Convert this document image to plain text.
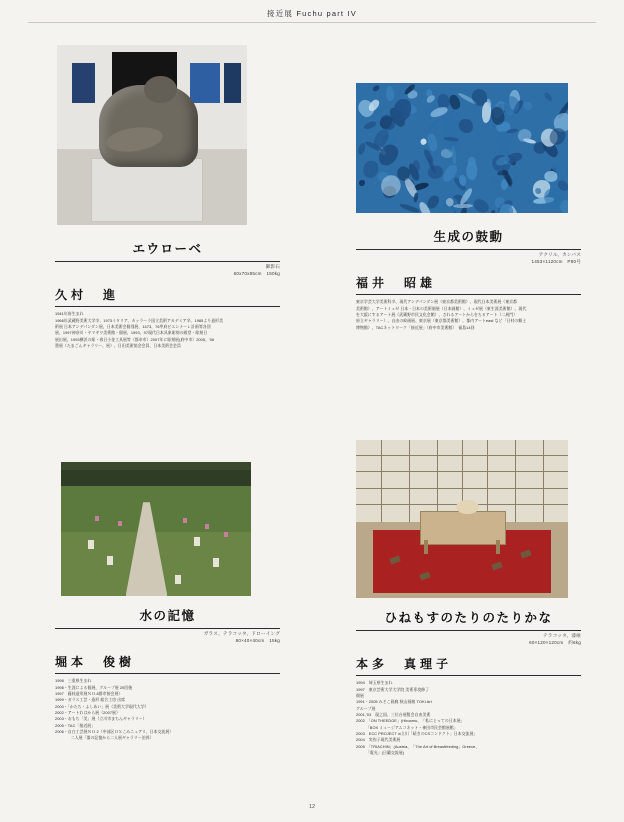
接近展 Fuchu part IV
エウローベ
御影石
60x70x85cm　150kg
久村　進
1941年府生まれ
1966年武蔵野美術大学卒、1973イタリア、カッラーラ国立美術アカデミア卒、1985より造形美
術展 日本アンデパンダン展、日本美術会個別展、1473、76甲府ビエンナーレ計画等各回
展、1997神奈川・ヤマギワ美術館・個展、1993、97現代日本具象彫刻の殿堂・彫刻日
展出展、1993横浜の彫・春日小金工具展等（都申市）2007年に彫刻展(府中市）2005、'06
墨展（たまごんギャラリー、展）、日田美術協会会員、日本美術会会員
生成の鼓動
アクリル、カンバス
1453×1120cm　P80号
福井　昭雄
東京学芸大学美術科卒、現代アンデパンダン展（東京都美術館）、現代日本美術展（東京都
美術館）、アートミュゼ 日本・日本の美術個展（日本画館）、ミュゼ展（東生涯美術館）、現代
を大阪にするアート展（武蔵野市民文化会館）、されるアートからをちるアート（二展門）
府立ギャラリー）、自由の絵画展、東京展（東京都美術館）、都内アートeast など「日村の郷土
博物館）、TACネットワーク「接近展」（府中市美術館）　福島14回
水の記憶
ガラス、テラコッタ、ドローイング
80×40×40cm　15kg
堀本　俊樹
1998　三重県生まれ
1998・生涯による個展、グループ展 20回後
1997　藤枝造形展ＮＯ.8群市接会展）
1999・ガラス工芸・造形 総合工房 出席
2000・「かたち・ふしあい」展（美術大学現代大学）
2002・アートわはから展（2007展）
2003・おもち「美」展（立川市まちんギャラリー）
2005・TAC「接近展」
2006・自白工芸展ＮＯ.2（中部区ＯＸこみニュアリ、日本交流展）
　　　　二人展「器の記憶から二人展ギャラリー治界）
ひねもすのたりのたりかな
テラコッタ、漆喰
60×120×120cm　約6kg
本多　真理子
1994　埼玉県生まれ
1997　東京芸術大学大学院 美術専攻修了
個展
1991・2005 みそこ画廊 秋山画廊 TOKI Art
グループ展
2001,'03　現之国、三位台展覧会自由美術
2002　「ON THEEDGE」(Hiroamu、「私にとっての日本展」
　　　「BOX ミュージアムコネット・神田市民会館展館」
2003　ECC PROJECT in立川「続きのCSコンドクト」日本交流展」
2004　実弥子現代美術展
2005　「TRIACHIN」(Austria、「The Art of Breastfeeding」Greece、
　　　「電光」(日蘭交流展)
12
